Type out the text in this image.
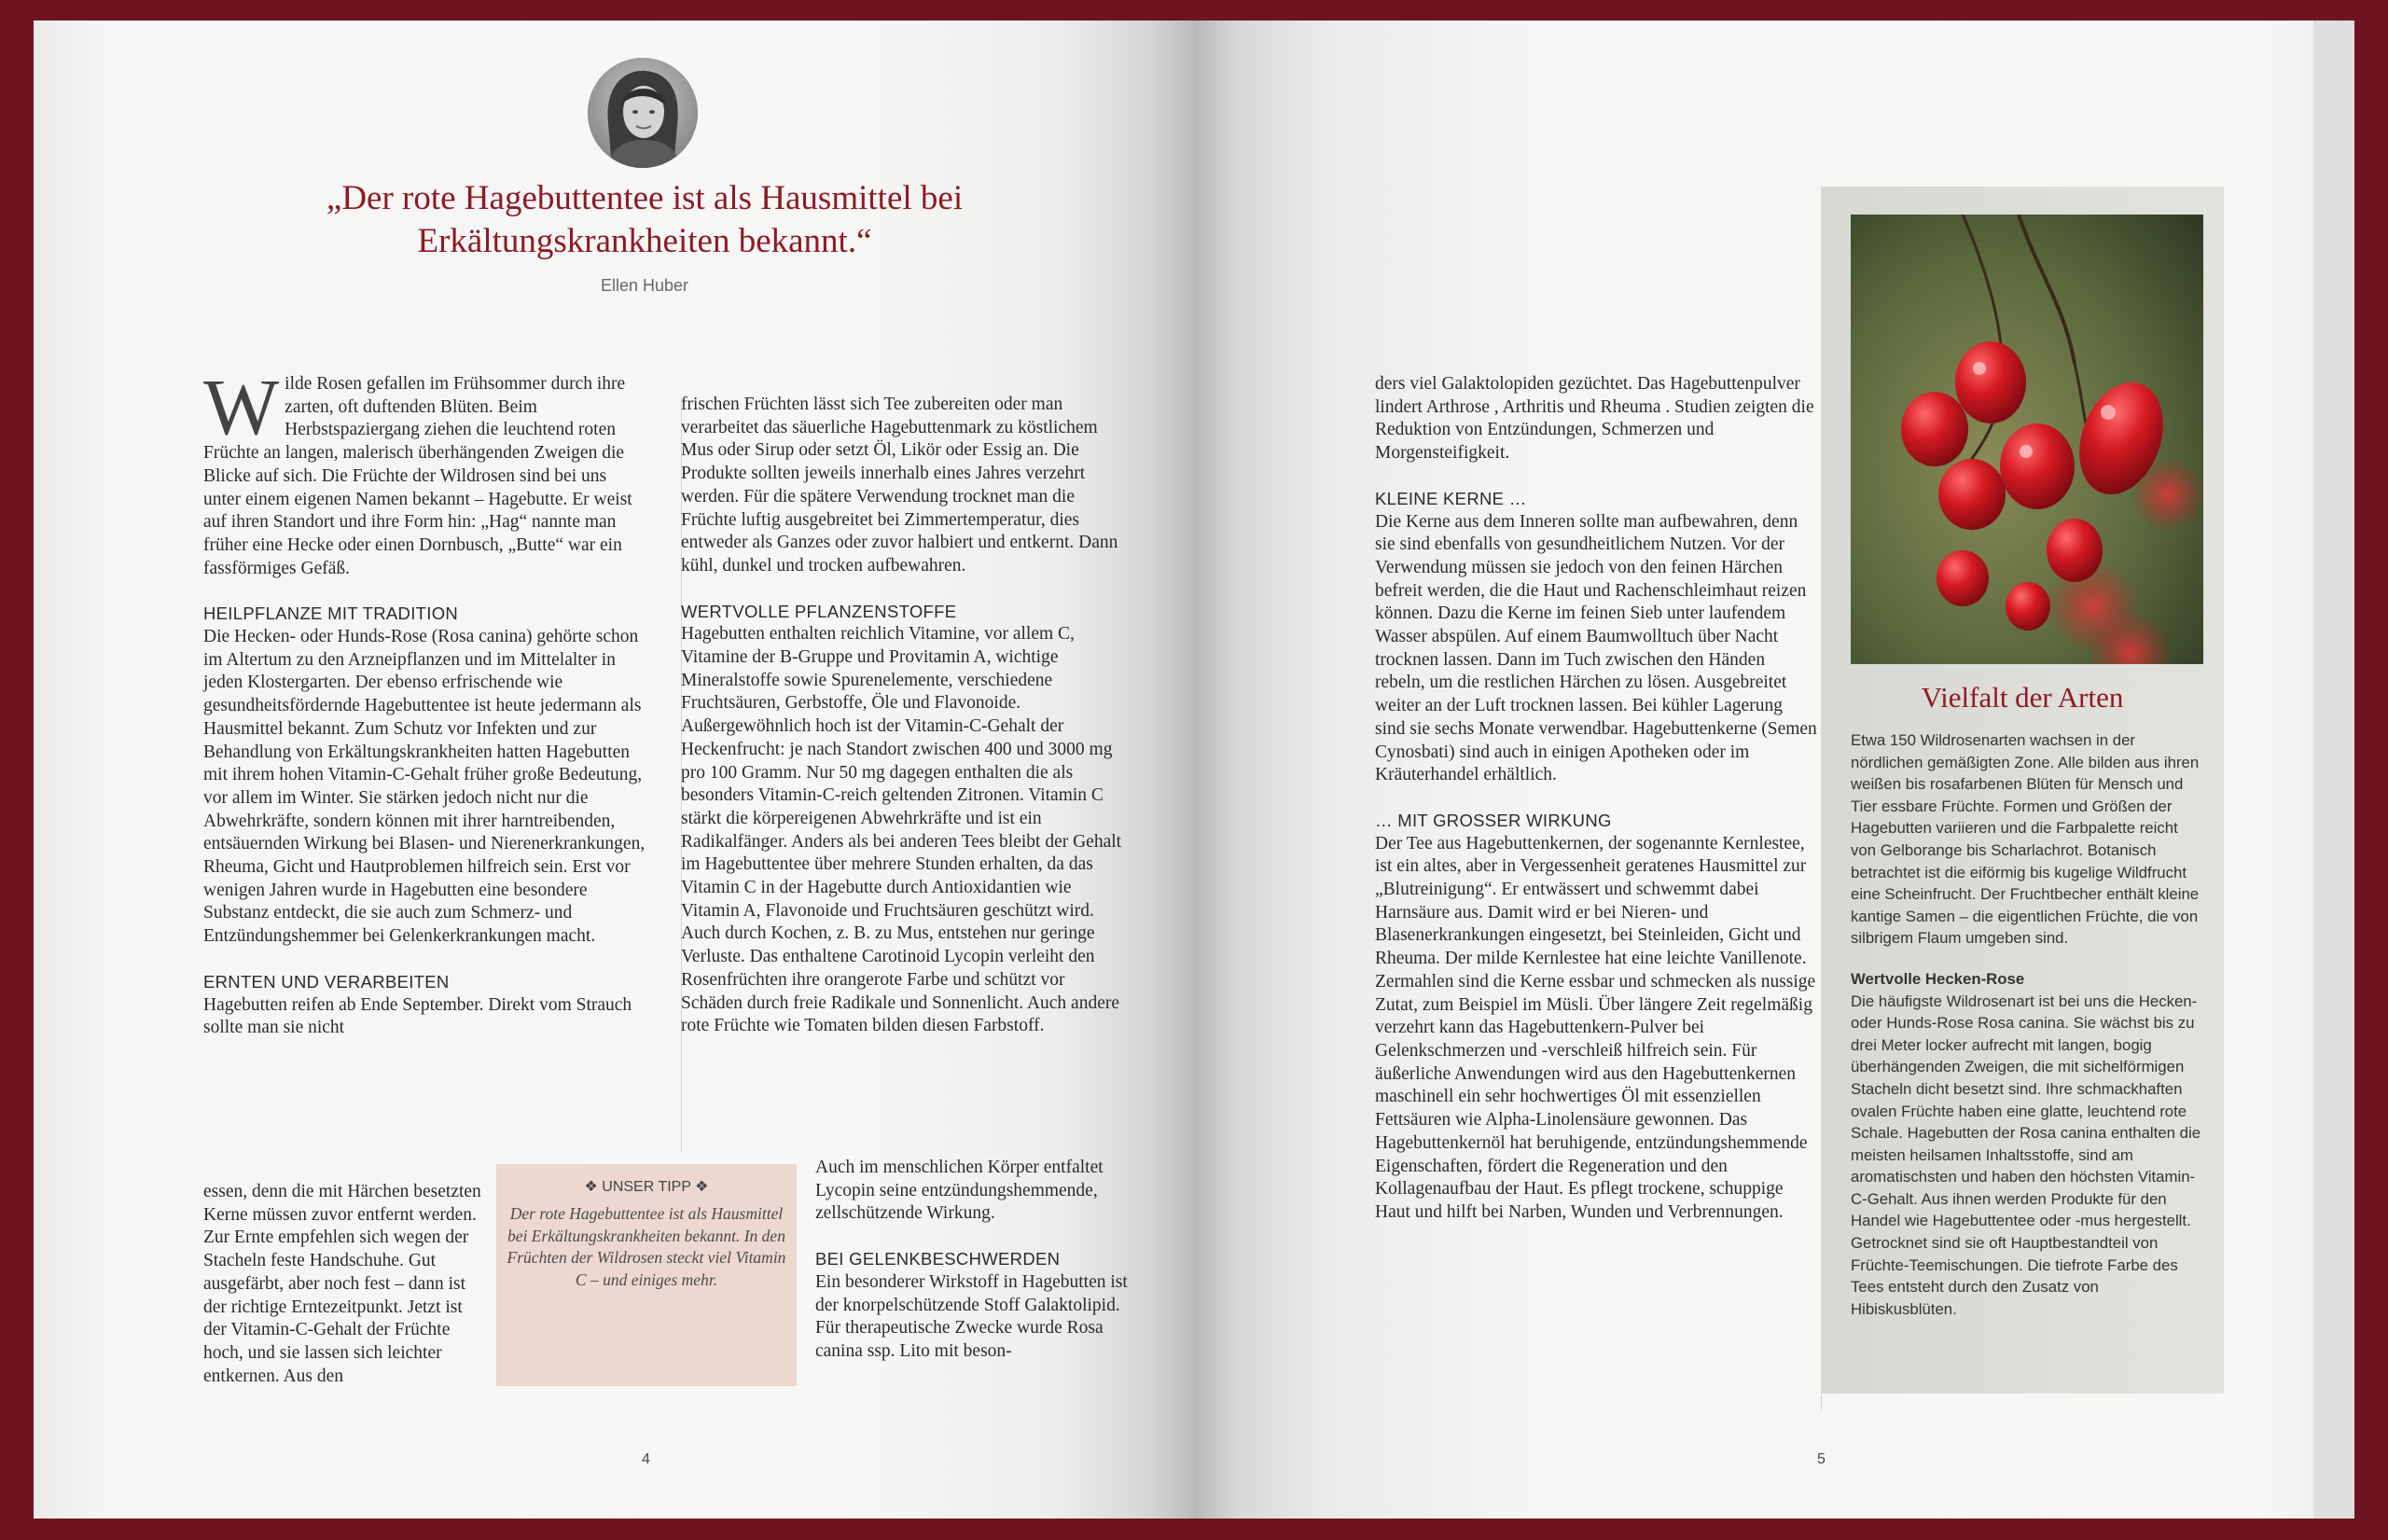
„Der rote Hagebuttentee ist als Hausmittel bei Erkältungskrankheiten bekannt.“
Ellen Huber

Wilde Rosen gefallen im Frühsommer durch ihre zarten, oft duftenden Blüten. Beim Herbstspaziergang ziehen die leuchtend roten Früchte an langen, malerisch überhängenden Zweigen die Blicke auf sich. Die Früchte der Wildrosen sind bei uns unter einem eigenen Namen bekannt – Hagebutte. Er weist auf ihren Standort und ihre Form hin: „Hag“ nannte man früher eine Hecke oder einen Dornbusch, „Butte“ war ein fassförmiges Gefäß.

HEILPFLANZE MIT TRADITION

Die Hecken- oder Hunds-Rose (Rosa canina) gehörte schon im Altertum zu den Arzneipflanzen und im Mittelalter in jeden Klostergarten. Der ebenso erfrischende wie gesundheitsfördernde Hagebuttentee ist heute jedermann als Hausmittel bekannt. Zum Schutz vor Infekten und zur Behandlung von Erkältungskrankheiten hatten Hagebutten mit ihrem hohen Vitamin-C-Gehalt früher große Bedeutung, vor allem im Winter. Sie stärken jedoch nicht nur die Abwehrkräfte, sondern können mit ihrer harntreibenden, entsäuernden Wirkung bei Blasen- und Nierenerkrankungen, Rheuma, Gicht und Hautproblemen hilfreich sein. Erst vor wenigen Jahren wurde in Hagebutten eine besondere Substanz entdeckt, die sie auch zum Schmerz- und Entzündungshemmer bei Gelenkerkrankungen macht.

ERNTEN UND VERARBEITEN

Hagebutten reifen ab Ende September. Direkt vom Strauch sollte man sie nicht

essen, denn die mit Härchen besetzten Kerne müssen zuvor entfernt werden. Zur Ernte empfehlen sich wegen der Stacheln feste Handschuhe. Gut ausgefärbt, aber noch fest – dann ist der richtige Erntezeitpunkt. Jetzt ist der Vitamin-C-Gehalt der Früchte hoch, und sie lassen sich leichter entkernen. Aus den

frischen Früchten lässt sich Tee zubereiten oder man verarbeitet das säuerliche Hagebuttenmark zu köstlichem Mus oder Sirup oder setzt Öl, Likör oder Essig an. Die Produkte sollten jeweils innerhalb eines Jahres verzehrt werden. Für die spätere Verwendung trocknet man die Früchte luftig ausgebreitet bei Zimmertemperatur, dies entweder als Ganzes oder zuvor halbiert und entkernt. Dann kühl, dunkel und trocken aufbewahren.

WERTVOLLE PFLANZENSTOFFE

Hagebutten enthalten reichlich Vitamine, vor allem C, Vitamine der B-Gruppe und Provitamin A, wichtige Mineralstoffe sowie Spurenelemente, verschiedene Fruchtsäuren, Gerbstoffe, Öle und Flavonoide. Außergewöhnlich hoch ist der Vitamin-C-Gehalt der Heckenfrucht: je nach Standort zwischen 400 und 3000 mg pro 100 Gramm. Nur 50 mg dagegen enthalten die als besonders Vitamin-C-reich geltenden Zitronen. Vitamin C stärkt die körpereigenen Abwehrkräfte und ist ein Radikalfänger. Anders als bei anderen Tees bleibt der Gehalt im Hagebuttentee über mehrere Stunden erhalten, da das Vitamin C in der Hagebutte durch Antioxidantien wie Vitamin A, Flavonoide und Fruchtsäuren geschützt wird. Auch durch Kochen, z. B. zu Mus, entstehen nur geringe Verluste. Das enthaltene Carotinoid Lycopin verleiht den Rosenfrüchten ihre orangerote Farbe und schützt vor Schäden durch freie Radikale und Sonnenlicht. Auch andere rote Früchte wie Tomaten bilden diesen Farbstoff.

Auch im menschlichen Körper entfaltet Lycopin seine entzündungshemmende, zellschützende Wirkung.

BEI GELENKBESCHWERDEN

Ein besonderer Wirkstoff in Hagebutten ist der knorpelschützende Stoff Galaktolipid. Für therapeutische Zwecke wurde Rosa canina ssp. Lito mit beson-

❖ UNSER TIPP ❖
Der rote Hagebuttentee ist als Hausmittel bei Erkältungskrankheiten bekannt. In den Früchten der Wildrosen steckt viel Vitamin C – und einiges mehr.
4

ders viel Galaktolopiden gezüchtet. Das Hagebuttenpulver lindert Arthrose , Arthritis und Rheuma . Studien zeigten die Reduktion von Entzündungen, Schmerzen und Morgensteifigkeit.

KLEINE KERNE …

Die Kerne aus dem Inneren sollte man aufbewahren, denn sie sind ebenfalls von gesundheitlichem Nutzen. Vor der Verwendung müssen sie jedoch von den feinen Härchen befreit werden, die die Haut und Rachenschleimhaut reizen können. Dazu die Kerne im feinen Sieb unter laufendem Wasser abspülen. Auf einem Baumwolltuch über Nacht trocknen lassen. Dann im Tuch zwischen den Händen rebeln, um die restlichen Härchen zu lösen. Ausgebreitet weiter an der Luft trocknen lassen. Bei kühler Lagerung sind sie sechs Monate verwendbar. Hagebuttenkerne (Semen Cynosbati) sind auch in einigen Apotheken oder im Kräuterhandel erhältlich.

… MIT GROSSER WIRKUNG

Der Tee aus Hagebuttenkernen, der sogenannte Kernlestee, ist ein altes, aber in Vergessenheit geratenes Hausmittel zur „Blutreinigung“. Er entwässert und schwemmt dabei Harnsäure aus. Damit wird er bei Nieren- und Blasenerkrankungen eingesetzt, bei Steinleiden, Gicht und Rheuma. Der milde Kernlestee hat eine leichte Vanillenote. Zermahlen sind die Kerne essbar und schmecken als nussige Zutat, zum Beispiel im Müsli. Über längere Zeit regelmäßig verzehrt kann das Hagebuttenkern-Pulver bei Gelenkschmerzen und -verschleiß hilfreich sein. Für äußerliche Anwendungen wird aus den Hagebuttenkernen maschinell ein sehr hochwertiges Öl mit essenziellen Fettsäuren wie Alpha-Linolensäure gewonnen. Das Hagebuttenkernöl hat beruhigende, entzündungshemmende Eigenschaften, fördert die Regeneration und den Kollagenaufbau der Haut. Es pflegt trockene, schuppige Haut und hilft bei Narben, Wunden und Verbrennungen.

Vielfalt der Arten

Etwa 150 Wildrosenarten wachsen in der nördlichen gemäßigten Zone. Alle bilden aus ihren weißen bis rosafarbenen Blüten für Mensch und Tier essbare Früchte. Formen und Größen der Hagebutten variieren und die Farbpalette reicht von Gelborange bis Scharlachrot. Botanisch betrachtet ist die eiförmig bis kugelige Wildfrucht eine Scheinfrucht. Der Fruchtbecher enthält kleine kantige Samen – die eigentlichen Früchte, die von silbrigem Flaum umgeben sind.

Wertvolle Hecken-Rose

Die häufigste Wildrosenart ist bei uns die Hecken- oder Hunds-Rose Rosa canina. Sie wächst bis zu drei Meter locker aufrecht mit langen, bogig überhängenden Zweigen, die mit sichelförmigen Stacheln dicht besetzt sind. Ihre schmackhaften ovalen Früchte haben eine glatte, leuchtend rote Schale. Hagebutten der Rosa canina enthalten die meisten heilsamen Inhaltsstoffe, sind am aromatischsten und haben den höchsten Vitamin-C-Gehalt. Aus ihnen werden Produkte für den Handel wie Hagebuttentee oder -mus hergestellt. Getrocknet sind sie oft Hauptbestandteil von Früchte-Teemischungen. Die tiefrote Farbe des Tees entsteht durch den Zusatz von Hibiskusblüten.

5
